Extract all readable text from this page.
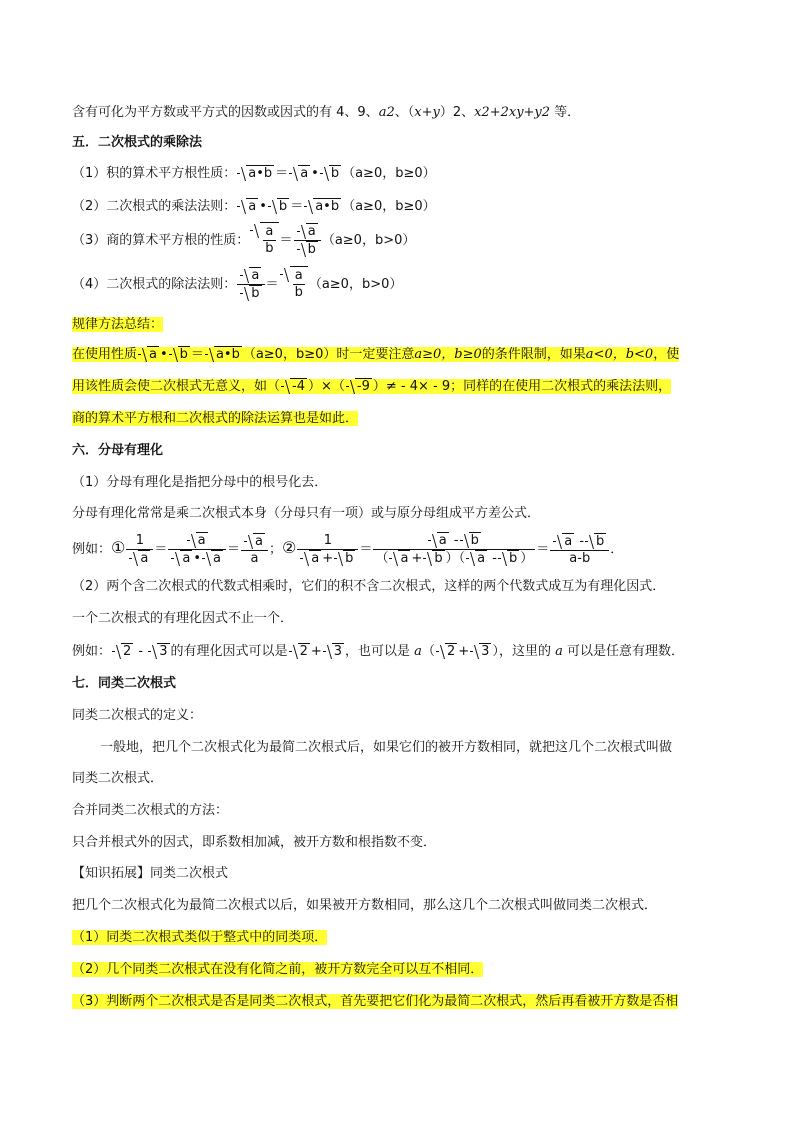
含有可化为平方数或平方式的因数或因式的有 4、9、a2、（x+y）2、x2+2xy+y2 等．
五．二次根式的乘除法
（1）积的算术平方根性质： a•b ＝ a • b （a≥0，b≥0）
（2）二次根式的乘法法则： a • b ＝ a•b （a≥0，b≥0）
（3）商的算术平方根的性质： $\frac{a}{b} = \frac{a}{b} (a\ge 0$，b>0）
（4）二次根式的除法法则： $\frac{a}{b} = \frac{a}{b} (a\ge 0$，b>0）
规律方法总结：
在使用性质 a • b ＝ a•b （a≥0，b≥0）时一定要注意a≥0，b≥0的条件限制，如果a<0，b<0，使
用该性质会使二次根式无意义，如（ -4 ）×（ -9 ）≠ - 4× - 9；同样的在使用二次根式的乘法法则，
商的算术平方根和二次根式的除法运算也是如此．
六．分母有理化
（1）分母有理化是指把分母中的根号化去．
分母有理化常常是乘二次根式本身（分母只有一项）或与原分母组成平方差公式．
例如：① $\frac{1}{a} = \frac{a}{a • a} = \frac{a}{a}$ ；② $\frac{1}{a + b} = \frac{a - b}{( a + b )( a - b )} = \frac{a - b}{a-b}$ ．
（2）两个含二次根式的代数式相乘时，它们的积不含二次根式，这样的两个代数式成互为有理化因式．
一个二次根式的有理化因式不止一个．
例如： 2 - 3 的有理化因式可以是 2 + 3 ，也可以是 a（ 2 + 3 ），这里的 a 可以是任意有理数．
七．同类二次根式
同类二次根式的定义：
一般地，把几个二次根式化为最简二次根式后，如果它们的被开方数相同，就把这几个二次根式叫做
同类二次根式．
合并同类二次根式的方法：
只合并根式外的因式，即系数相加减，被开方数和根指数不变．
【知识拓展】同类二次根式
把几个二次根式化为最简二次根式以后，如果被开方数相同，那么这几个二次根式叫做同类二次根式．
（1）同类二次根式类似于整式中的同类项．
（2）几个同类二次根式在没有化简之前，被开方数完全可以互不相同．
（3）判断两个二次根式是否是同类二次根式，首先要把它们化为最简二次根式，然后再看被开方数是否相
